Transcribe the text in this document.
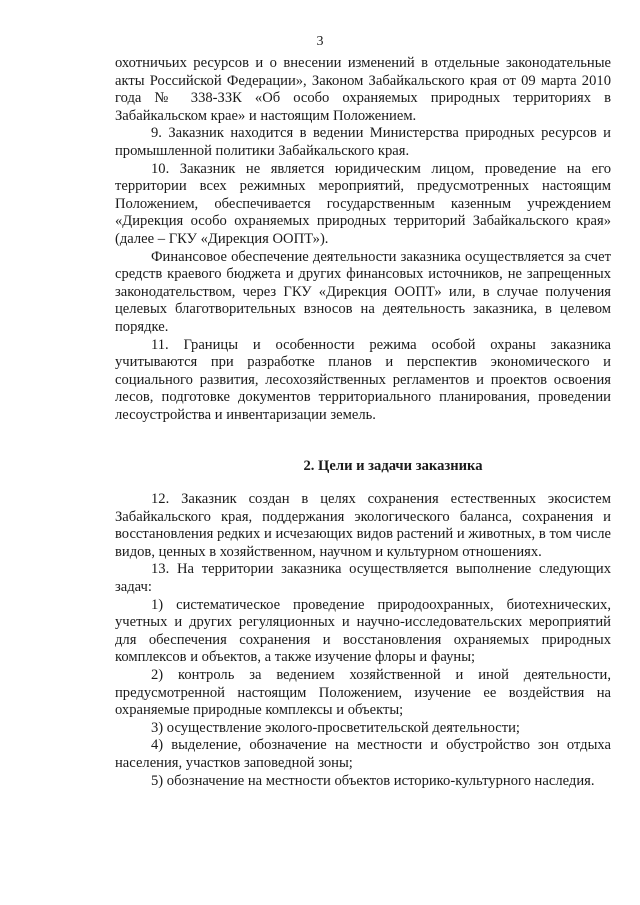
3

охотничьих ресурсов и о внесении изменений в отдельные законодательные акты Российской Федерации», Законом Забайкальского края от 09 марта 2010 года № 338-ЗЗК «Об особо охраняемых природных территориях в Забайкальском крае» и настоящим Положением.

9. Заказник находится в ведении Министерства природных ресурсов и промышленной политики Забайкальского края.

10. Заказник не является юридическим лицом, проведение на его территории всех режимных мероприятий, предусмотренных настоящим Положением, обеспечивается государственным казенным учреждением «Дирекция особо охраняемых природных территорий Забайкальского края» (далее – ГКУ «Дирекция ООПТ»).

Финансовое обеспечение деятельности заказника осуществляется за счет средств краевого бюджета и других финансовых источников, не запрещенных законодательством, через ГКУ «Дирекция ООПТ» или, в случае получения целевых благотворительных взносов на деятельность заказника, в целевом порядке.

11. Границы и особенности режима особой охраны заказника учитываются при разработке планов и перспектив экономического и социального развития, лесохозяйственных регламентов и проектов освоения лесов, подготовке документов территориального планирования, проведении лесоустройства и инвентаризации земель.

2. Цели и задачи заказника

12. Заказник создан в целях сохранения естественных экосистем Забайкальского края, поддержания экологического баланса, сохранения и восстановления редких и исчезающих видов растений и животных, в том числе видов, ценных в хозяйственном, научном и культурном отношениях.

13. На территории заказника осуществляется выполнение следующих задач:

1) систематическое проведение природоохранных, биотехнических, учетных и других регуляционных и научно-исследовательских мероприятий для обеспечения сохранения и восстановления охраняемых природных комплексов и объектов, а также изучение флоры и фауны;

2) контроль за ведением хозяйственной и иной деятельности, предусмотренной настоящим Положением, изучение ее воздействия на охраняемые природные комплексы и объекты;

3) осуществление эколого-просветительской деятельности;

4) выделение, обозначение на местности и обустройство зон отдыха населения, участков заповедной зоны;

5) обозначение на местности объектов историко-культурного наследия.
